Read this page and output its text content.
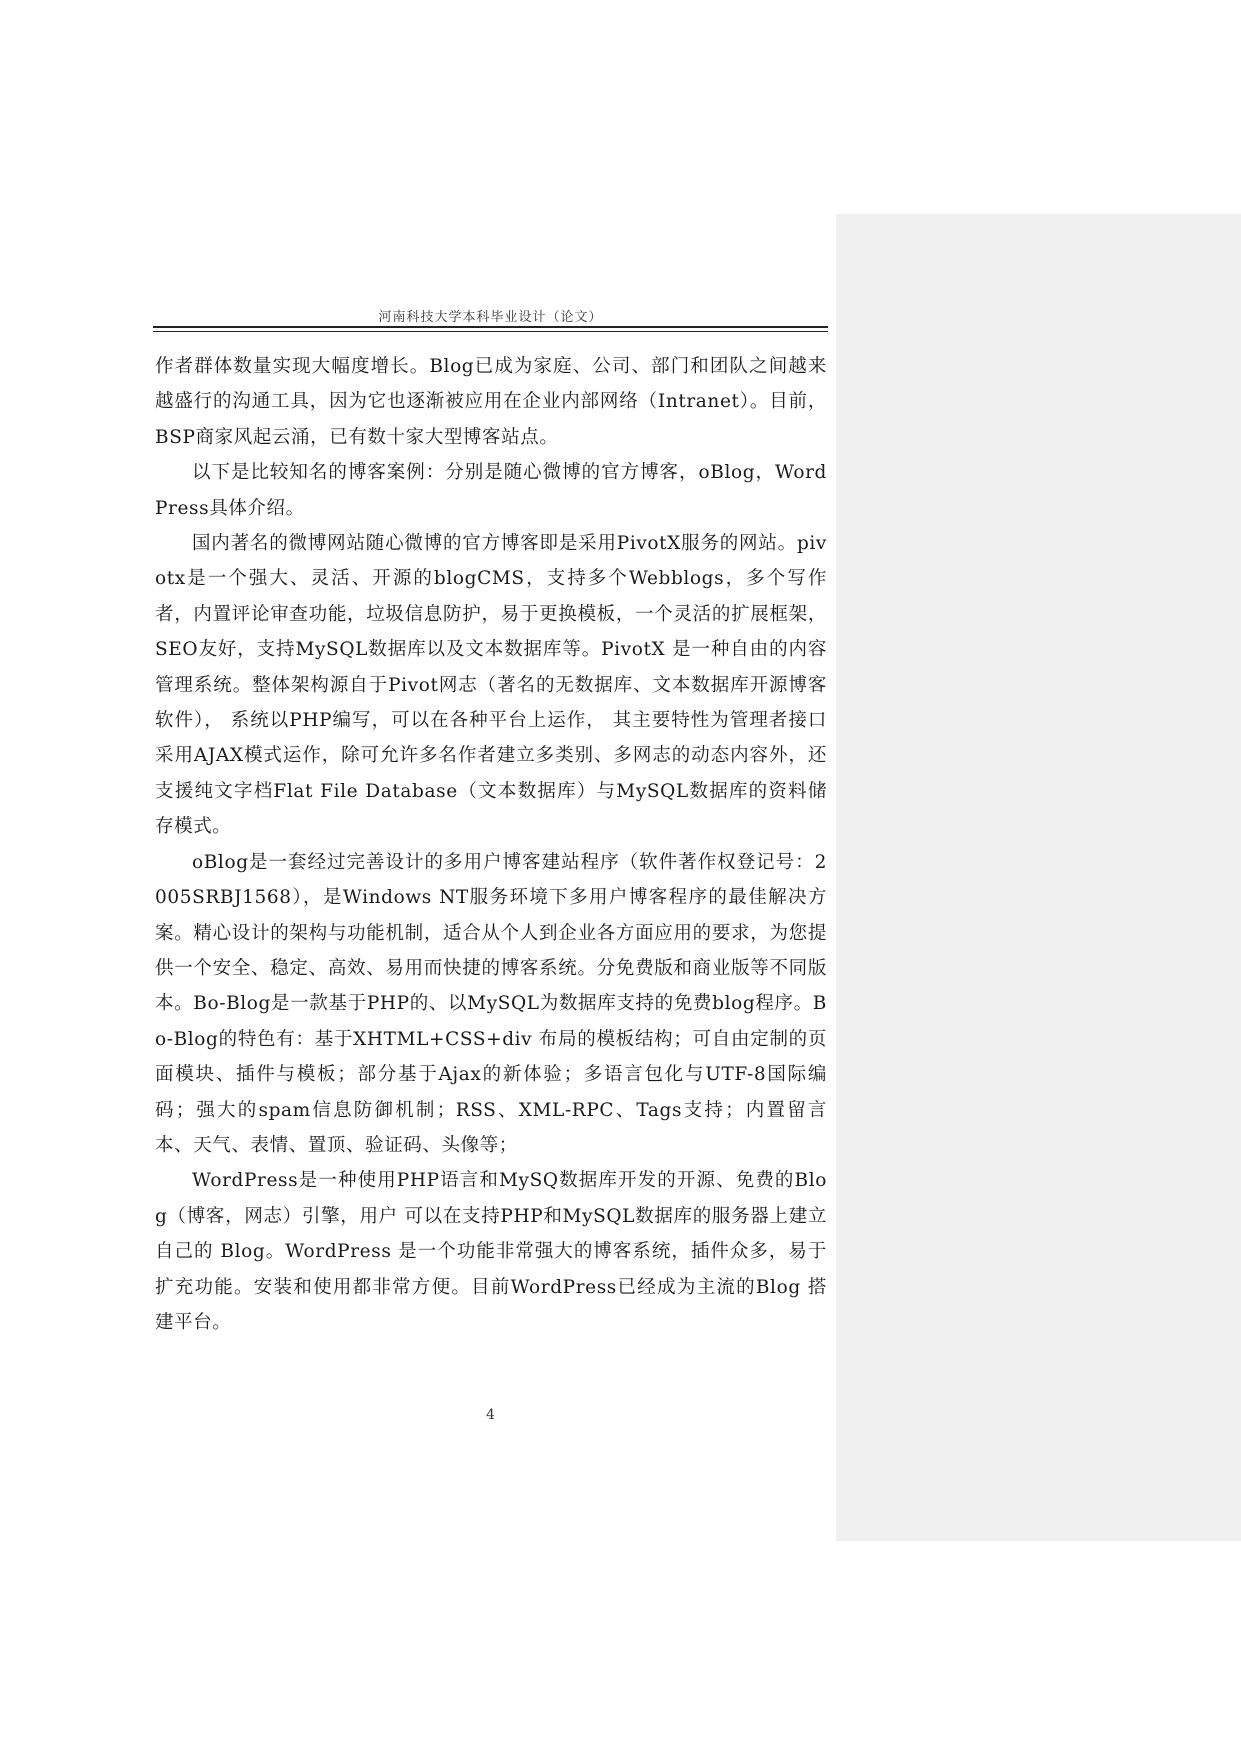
河南科技大学本科毕业设计（论文）

作者群体数量实现大幅度增长。Blog已成为家庭、公司、部门和团队之间越来越盛行的沟通工具，因为它也逐渐被应用在企业内部网络（Intranet）。目前，BSP商家风起云涌，已有数十家大型博客站点。

以下是比较知名的博客案例：分别是随心微博的官方博客，oBlog，WordPress具体介绍。

国内著名的微博网站随心微博的官方博客即是采用PivotX服务的网站。pivotx是一个强大、灵活、开源的blogCMS，支持多个Webblogs，多个写作者，内置评论审查功能，垃圾信息防护，易于更换模板，一个灵活的扩展框架，SEO友好，支持MySQL数据库以及文本数据库等。PivotX 是一种自由的内容管理系统。整体架构源自于Pivot网志（著名的无数据库、文本数据库开源博客软件）， 系统以PHP编写，可以在各种平台上运作， 其主要特性为管理者接口采用AJAX模式运作，除可允许多名作者建立多类别、多网志的动态内容外，还支援纯文字档Flat File Database（文本数据库）与MySQL数据库的资料储存模式。

oBlog是一套经过完善设计的多用户博客建站程序（软件著作权登记号：2005SRBJ1568），是Windows NT服务环境下多用户博客程序的最佳解决方案。精心设计的架构与功能机制，适合从个人到企业各方面应用的要求，为您提供一个安全、稳定、高效、易用而快捷的博客系统。分免费版和商业版等不同版本。Bo-Blog是一款基于PHP的、以MySQL为数据库支持的免费blog程序。Bo-Blog的特色有：基于XHTML+CSS+div 布局的模板结构；可自由定制的页面模块、插件与模板；部分基于Ajax的新体验；多语言包化与UTF-8国际编码；强大的spam信息防御机制；RSS、XML-RPC、Tags支持；内置留言本、天气、表情、置顶、验证码、头像等；

WordPress是一种使用PHP语言和MySQ数据库开发的开源、免费的Blog（博客，网志）引擎，用户 可以在支持PHP和MySQL数据库的服务器上建立自己的 Blog。WordPress 是一个功能非常强大的博客系统，插件众多，易于扩充功能。安装和使用都非常方便。目前WordPress已经成为主流的Blog 搭建平台。

4
